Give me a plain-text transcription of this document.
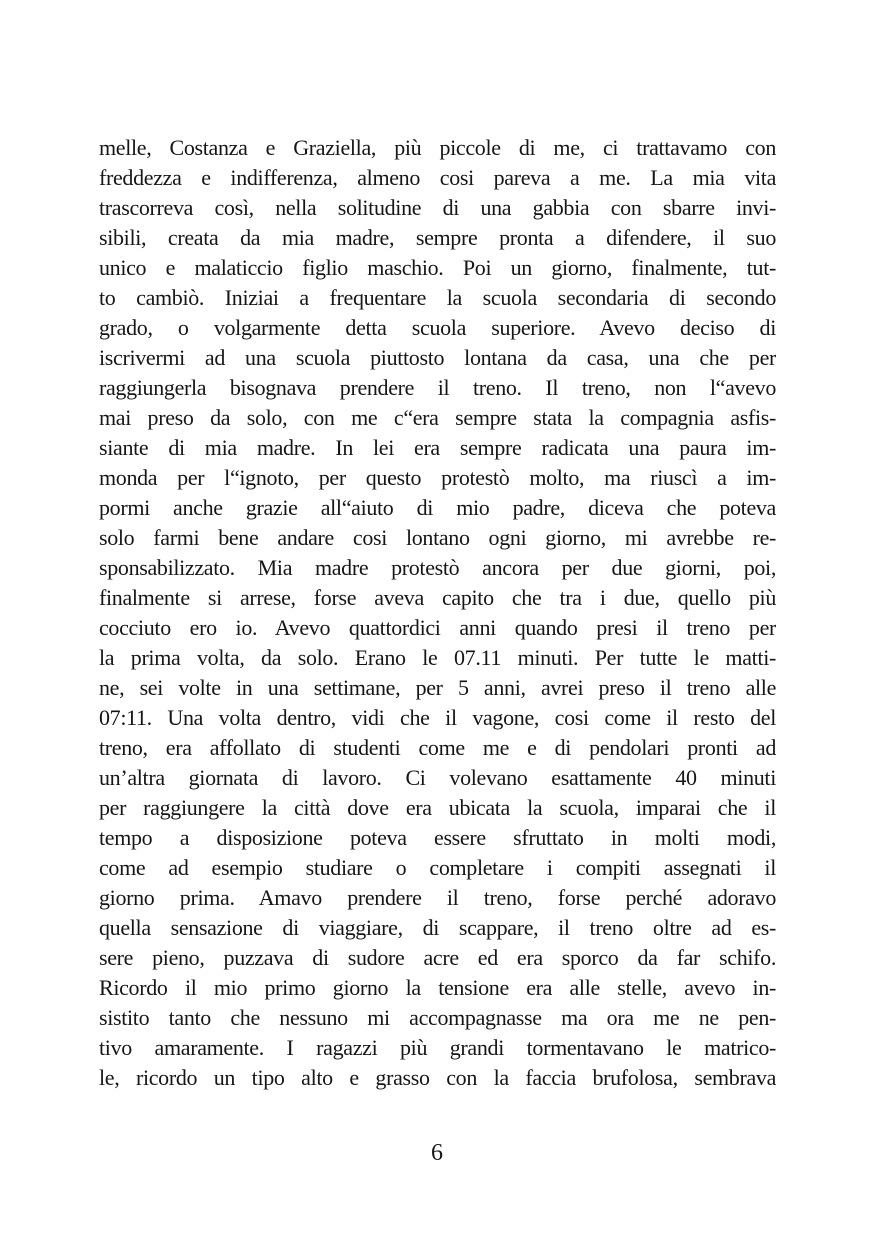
melle, Costanza e Graziella, più piccole di me, ci trattavamo con
freddezza e indifferenza, almeno cosi pareva a me. La mia vita
trascorreva così, nella solitudine di una gabbia con sbarre invi-
sibili, creata da mia madre, sempre pronta a difendere, il suo
unico e malaticcio figlio maschio. Poi un giorno, finalmente, tut-
to cambiò. Iniziai a frequentare la scuola secondaria di secondo
grado, o volgarmente detta scuola superiore. Avevo deciso di
iscrivermi ad una scuola piuttosto lontana da casa, una che per
raggiungerla bisognava prendere il treno. Il treno, non l“avevo
mai preso da solo, con me c“era sempre stata la compagnia asfis-
siante di mia madre. In lei era sempre radicata una paura im-
monda per l“ignoto, per questo protestò molto, ma riuscì a im-
pormi anche grazie all“aiuto di mio padre, diceva che poteva
solo farmi bene andare cosi lontano ogni giorno, mi avrebbe re-
sponsabilizzato. Mia madre protestò ancora per due giorni, poi,
finalmente si arrese, forse aveva capito che tra i due, quello più
cocciuto ero io. Avevo quattordici anni quando presi il treno per
la prima volta, da solo. Erano le 07.11 minuti. Per tutte le matti-
ne, sei volte in una settimane, per 5 anni, avrei preso il treno alle
07:11. Una volta dentro, vidi che il vagone, cosi come il resto del
treno, era affollato di studenti come me e di pendolari pronti ad
un’altra giornata di lavoro. Ci volevano esattamente 40 minuti
per raggiungere la città dove era ubicata la scuola, imparai che il
tempo a disposizione poteva essere sfruttato in molti modi,
come ad esempio studiare o completare i compiti assegnati il
giorno prima. Amavo prendere il treno, forse perché adoravo
quella sensazione di viaggiare, di scappare, il treno oltre ad es-
sere pieno, puzzava di sudore acre ed era sporco da far schifo.
Ricordo il mio primo giorno la tensione era alle stelle, avevo in-
sistito tanto che nessuno mi accompagnasse ma ora me ne pen-
tivo amaramente. I ragazzi più grandi tormentavano le matrico-
le, ricordo un tipo alto e grasso con la faccia brufolosa, sembrava
6
